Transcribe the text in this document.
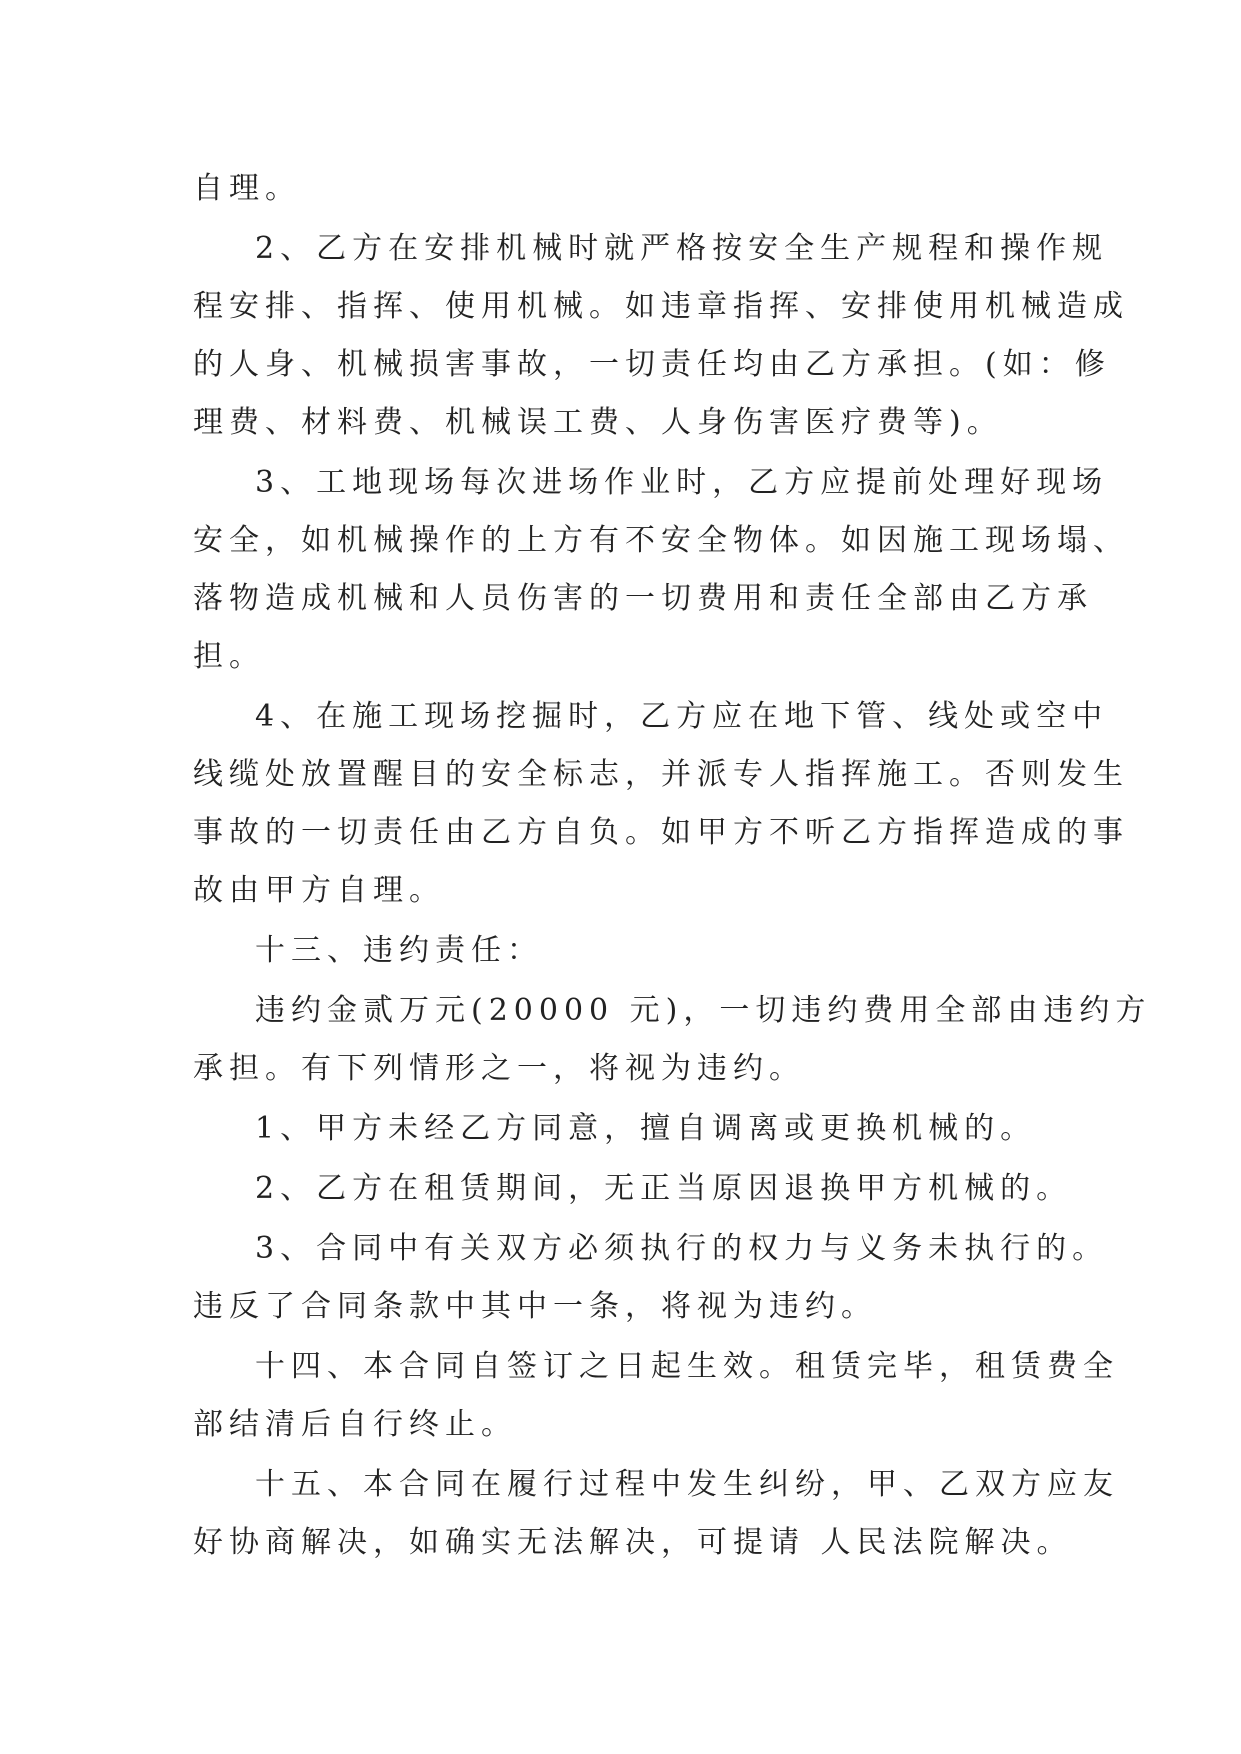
自理。
2、乙方在安排机械时就严格按安全生产规程和操作规
程安排、指挥、使用机械。如违章指挥、安排使用机械造成
的人身、机械损害事故，一切责任均由乙方承担。(如：修
理费、材料费、机械误工费、人身伤害医疗费等)。
3、工地现场每次进场作业时，乙方应提前处理好现场
安全，如机械操作的上方有不安全物体。如因施工现场塌、
落物造成机械和人员伤害的一切费用和责任全部由乙方承
担。
4、在施工现场挖掘时，乙方应在地下管、线处或空中
线缆处放置醒目的安全标志，并派专人指挥施工。否则发生
事故的一切责任由乙方自负。如甲方不听乙方指挥造成的事
故由甲方自理。
十三、违约责任：
违约金贰万元(20000 元)，一切违约费用全部由违约方
承担。有下列情形之一，将视为违约。
1、甲方未经乙方同意，擅自调离或更换机械的。
2、乙方在租赁期间，无正当原因退换甲方机械的。
3、合同中有关双方必须执行的权力与义务未执行的。
违反了合同条款中其中一条，将视为违约。
十四、本合同自签订之日起生效。租赁完毕，租赁费全
部结清后自行终止。
十五、本合同在履行过程中发生纠纷，甲、乙双方应友
好协商解决，如确实无法解决，可提请 人民法院解决。
